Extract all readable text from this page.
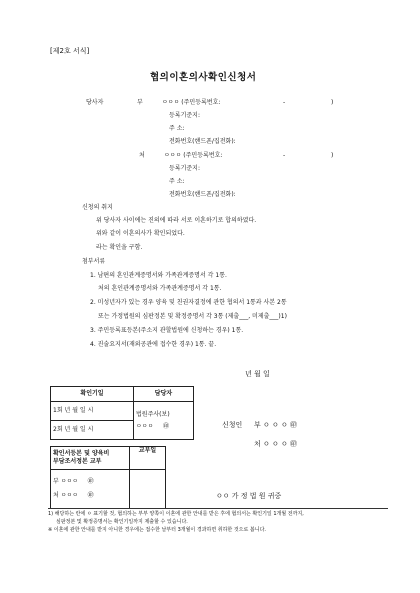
[제2호 서식]
협의이혼의사확인신청서
당사자	부	ㅇㅇㅇ (주민등록번호:	-	)
등록기준지:
주 소:
전화번호(핸드폰/집전화):
처	ㅇㅇㅇ (주민등록번호:	-	)
등록기준지:
주 소:
전화번호(핸드폰/집전화):
신청의 취지
위 당사자 사이에는 진의에 따라 서로 이혼하기로 합의하였다.
위와 같이 이혼의사가 확인되었다.
라는 확인을 구함.
첨부서류
1. 남편의 혼인관계증명서와 가족관계증명서 각 1통.
처의 혼인관계증명서와 가족관계증명서 각 1통.
2. 미성년자가 있는 경우 양육 및 친권자결정에 관한 협의서 1통과 사본 2통
또는 가정법원의 심판정본 및 확정증명서 각 3통 (제출___, 미제출___)1)
3. 주민등록표등본(주소지 관할법원에 신청하는 경우) 1통.
4. 진술요지서(재외공관에 접수한 경우) 1통. 끝.
년 월 일
확인기일	담당자
1회 년 월 일 시	법원주사(보)
ㅇㅇㅇ ㊞

2회 년 월 일 시	
신청인 부 ㅇ ㅇ ㅇ ㊞
처 ㅇ ㅇ ㅇ ㊞
확인서등본 및 양육비
부담조서정본 교부	교부일

부 ㅇㅇㅇ ㊞
처 ㅇㅇㅇ ㊞	
		ㅇㅇ 가 정 법 원 귀중
1) 해당하는 란에 ㅇ 표기할 것, 협의하는 부부 양쪽이 이혼에 관한 안내를 받은 후에 협의서는 확인기일 1개월 전까지,
심판정본 및 확정증명서는 확인기일까지 제출할 수 있습니다.
※ 이혼에 관한 안내를 받지 아니한 경우에는 접수한 날부터 3개월이 경과하면 취하한 것으로 봅니다.
